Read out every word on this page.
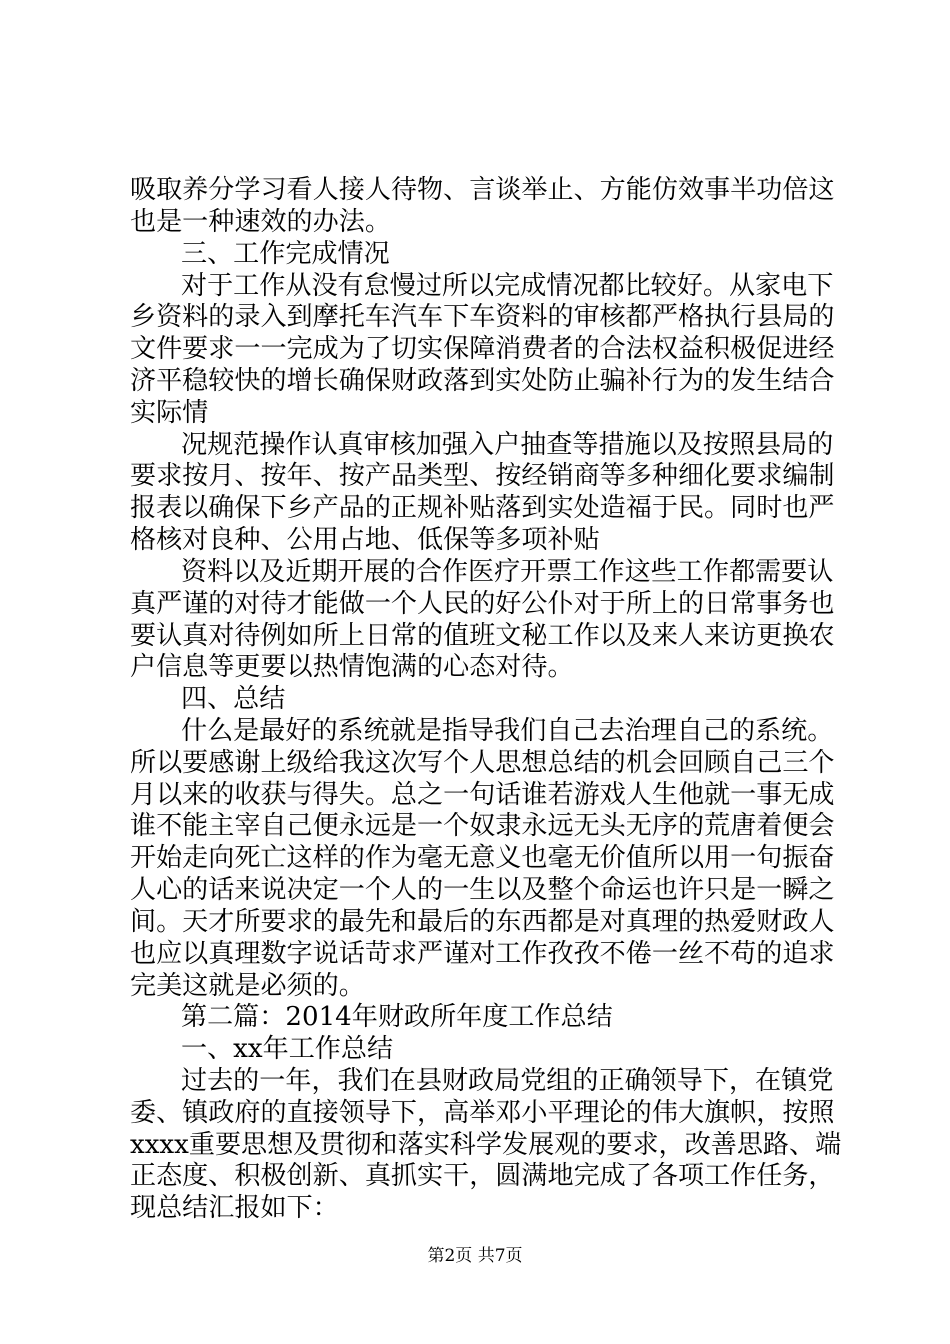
吸取养分学习看人接人待物、言谈举止、方能仿效事半功倍这
也是一种速效的办法。
三、工作完成情况
对于工作从没有怠慢过所以完成情况都比较好。从家电下
乡资料的录入到摩托车汽车下车资料的审核都严格执行县局的
文件要求一一完成为了切实保障消费者的合法权益积极促进经
济平稳较快的增长确保财政落到实处防止骗补行为的发生结合
实际情
况规范操作认真审核加强入户抽查等措施以及按照县局的
要求按月、按年、按产品类型、按经销商等多种细化要求编制
报表以确保下乡产品的正规补贴落到实处造福于民。同时也严
格核对良种、公用占地、低保等多项补贴
资料以及近期开展的合作医疗开票工作这些工作都需要认
真严谨的对待才能做一个人民的好公仆对于所上的日常事务也
要认真对待例如所上日常的值班文秘工作以及来人来访更换农
户信息等更要以热情饱满的心态对待。
四、总结
什么是最好的系统就是指导我们自己去治理自己的系统。
所以要感谢上级给我这次写个人思想总结的机会回顾自己三个
月以来的收获与得失。总之一句话谁若游戏人生他就一事无成
谁不能主宰自己便永远是一个奴隶永远无头无序的荒唐着便会
开始走向死亡这样的作为毫无意义也毫无价值所以用一句振奋
人心的话来说决定一个人的一生以及整个命运也许只是一瞬之
间。天才所要求的最先和最后的东西都是对真理的热爱财政人
也应以真理数字说话苛求严谨对工作孜孜不倦一丝不苟的追求
完美这就是必须的。
第二篇：2014年财政所年度工作总结
一、xx年工作总结
过去的一年，我们在县财政局党组的正确领导下，在镇党
委、镇政府的直接领导下，高举邓小平理论的伟大旗帜，按照
xxxx重要思想及贯彻和落实科学发展观的要求，改善思路、端
正态度、积极创新、真抓实干，圆满地完成了各项工作任务，
现总结汇报如下：
第2页 共7页
